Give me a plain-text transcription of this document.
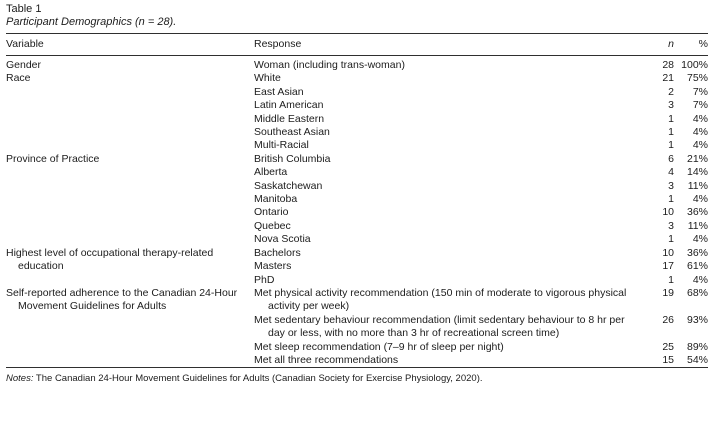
Table 1
Participant Demographics (n = 28).
Variable	Response	n	%
Gender	Woman (including trans-woman)	28	100%
Race	White	21	75%
	East Asian	2	7%
	Latin American	3	7%
	Middle Eastern	1	4%
	Southeast Asian	1	4%
	Multi-Racial	1	4%
Province of Practice	British Columbia	6	21%
	Alberta	4	14%
	Saskatchewan	3	11%
	Manitoba	1	4%
	Ontario	10	36%
	Quebec	3	11%
	Nova Scotia	1	4%
Highest level of occupational therapy-related education	Bachelors	10	36%
	Masters	17	61%
	PhD	1	4%
Self-reported adherence to the Canadian 24-Hour Movement Guidelines for Adults	Met physical activity recommendation (150 min of moderate to vigorous physical activity per week)	19	68%
	Met sedentary behaviour recommendation (limit sedentary behaviour to 8 hr per day or less, with no more than 3 hr of recreational screen time)	26	93%
	Met sleep recommendation (7–9 hr of sleep per night)	25	89%
	Met all three recommendations	15	54%
Notes: The Canadian 24-Hour Movement Guidelines for Adults (Canadian Society for Exercise Physiology, 2020).
